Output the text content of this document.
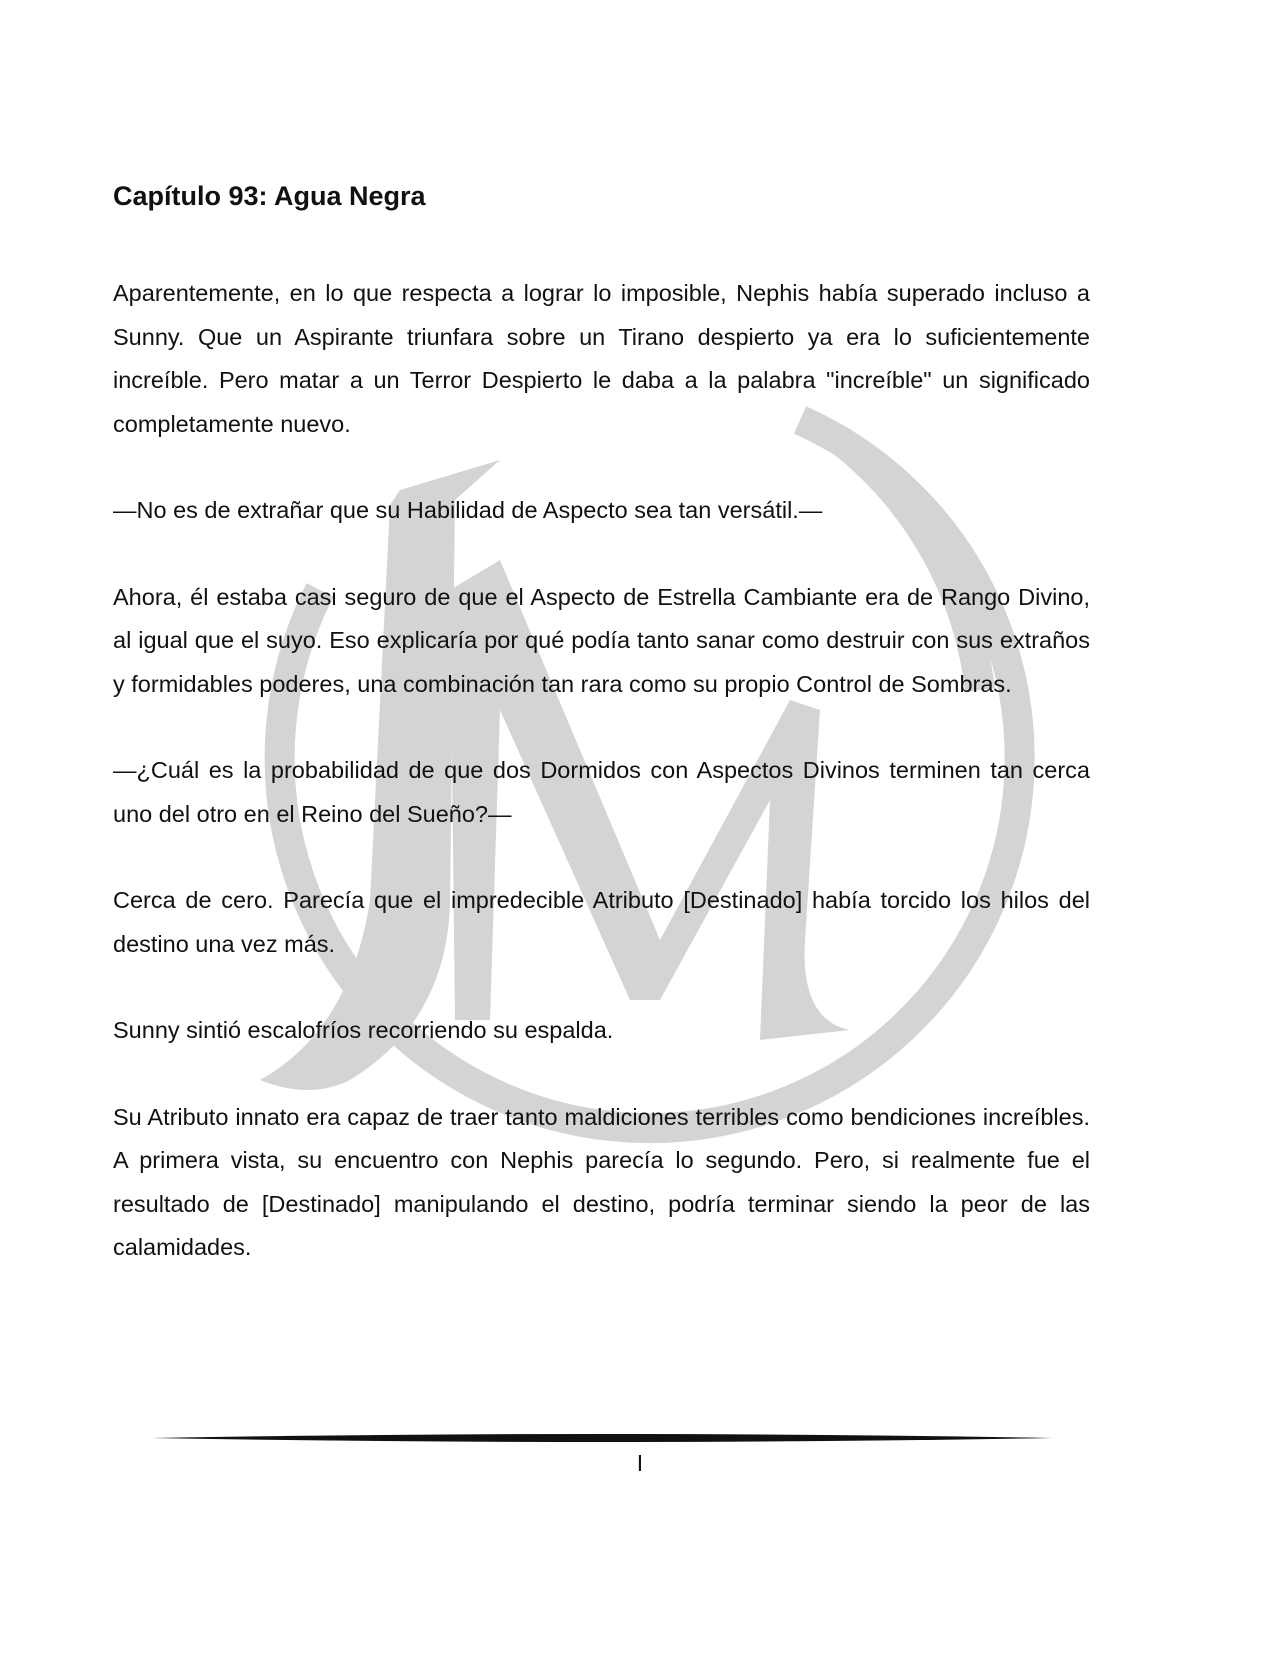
Capítulo 93: Agua Negra

Aparentemente, en lo que respecta a lograr lo imposible, Nephis había superado incluso a Sunny. Que un Aspirante triunfara sobre un Tirano despierto ya era lo suficientemente increíble. Pero matar a un Terror Despierto le daba a la palabra "increíble" un significado completamente nuevo.

—No es de extrañar que su Habilidad de Aspecto sea tan versátil.—

Ahora, él estaba casi seguro de que el Aspecto de Estrella Cambiante era de Rango Divino, al igual que el suyo. Eso explicaría por qué podía tanto sanar como destruir con sus extraños y formidables poderes, una combinación tan rara como su propio Control de Sombras.

—¿Cuál es la probabilidad de que dos Dormidos con Aspectos Divinos terminen tan cerca uno del otro en el Reino del Sueño?—

Cerca de cero. Parecía que el impredecible Atributo [Destinado] había torcido los hilos del destino una vez más.

Sunny sintió escalofríos recorriendo su espalda.

Su Atributo innato era capaz de traer tanto maldiciones terribles como bendiciones increíbles. A primera vista, su encuentro con Nephis parecía lo segundo. Pero, si realmente fue el resultado de [Destinado] manipulando el destino, podría terminar siendo la peor de las calamidades.

I
